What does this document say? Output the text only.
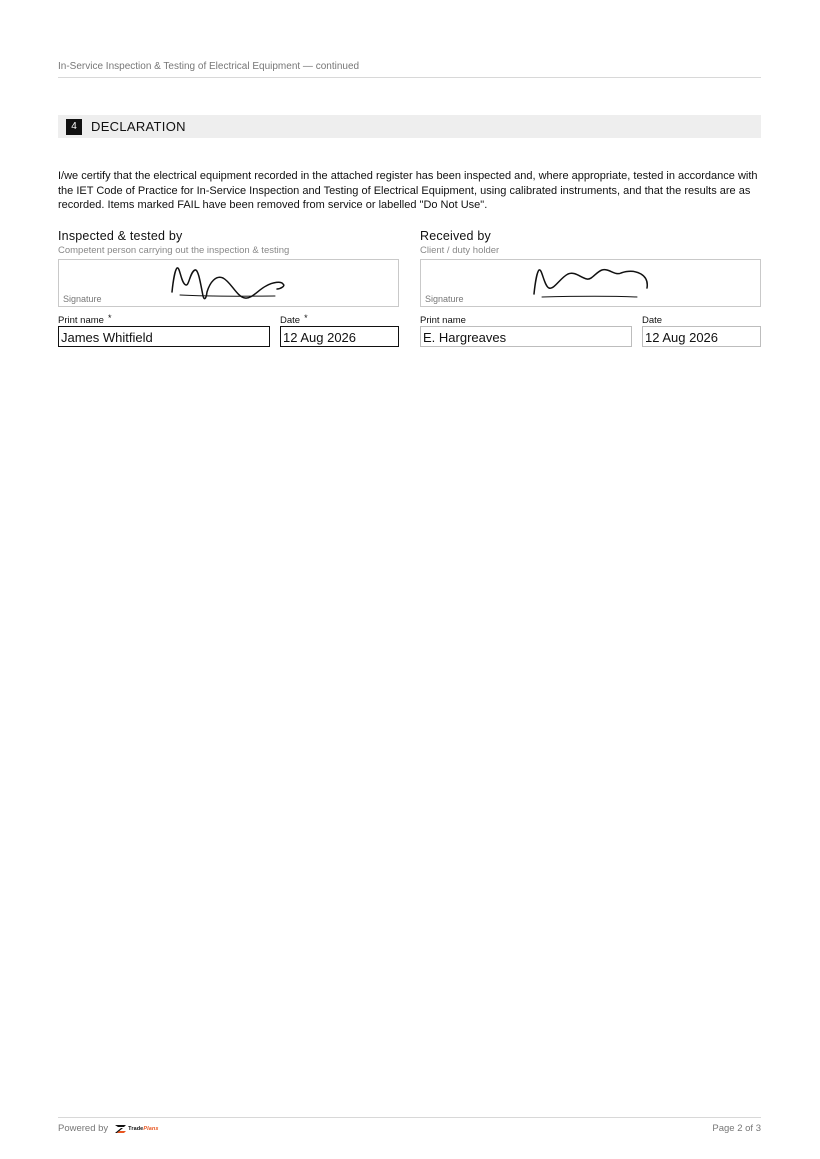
In-Service Inspection & Testing of Electrical Equipment — continued
4	DECLARATION
I/we certify that the electrical equipment recorded in the attached register has been inspected and, where appropriate, tested in accordance with the IET Code of Practice for In-Service Inspection and Testing of Electrical Equipment, using calibrated instruments, and that the results are as recorded. Items marked FAIL have been removed from service or labelled "Do Not Use".
Inspected & tested by
Competent person carrying out the inspection & testing
Signature
Print name *	Date *
James Whitfield	12 Aug 2026
Received by
Client / duty holder
Signature
Print name	Date
E. Hargreaves	12 Aug 2026
Powered by	TradePlans	Page 2 of 3
